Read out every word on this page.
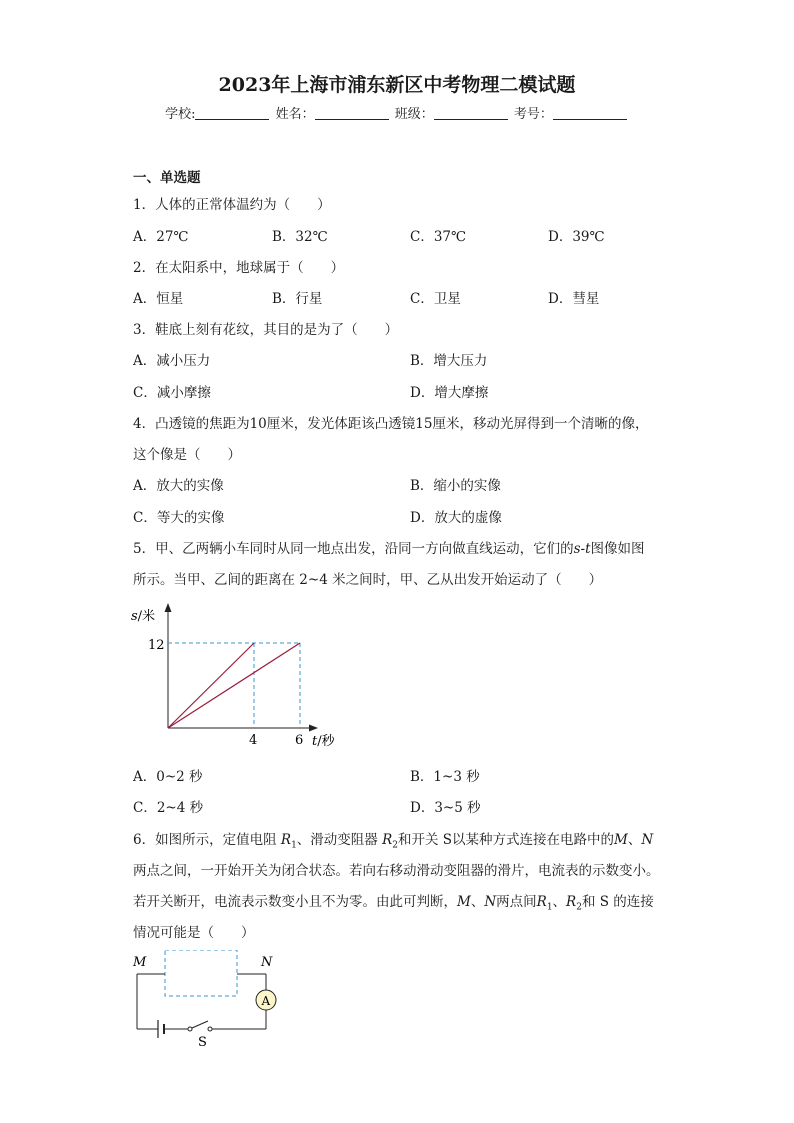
2023年上海市浦东新区中考物理二模试题
学校:	姓名：	班级：	考号：
一、单选题
1．人体的正常体温约为（　　）
A．27℃	B．32℃	C．37℃	D．39℃
2．在太阳系中，地球属于（　　）
A．恒星	B．行星	C．卫星	D．彗星
3．鞋底上刻有花纹，其目的是为了（　　）
A．减小压力	B．增大压力
C．减小摩擦	D．增大摩擦
4．凸透镜的焦距为10厘米，发光体距该凸透镜15厘米，移动光屏得到一个清晰的像，
这个像是（　　）
A．放大的实像	B．缩小的实像
C．等大的实像	D．放大的虚像
5．甲、乙两辆小车同时从同一地点出发，沿同一方向做直线运动，它们的s-t图像如图
所示。当甲、乙间的距离在 2~4 米之间时，甲、乙从出发开始运动了（　　）
s/米
12
4	6 t/秒
A．0~2 秒	B．1~3 秒
C．2~4 秒	D．3~5 秒
6．如图所示，定值电阻 $R_1$、滑动变阻器 $R_2$和开关 S以某种方式连接在电路中的M、N
两点之间，一开始开关为闭合状态。若向右移动滑动变阻器的滑片，电流表的示数变小。
若开关断开，电流表示数变小且不为零。由此可判断，M、N两点间$R_1$、$R_2$和 S 的连接
情况可能是（　　）
A
M	N
S
